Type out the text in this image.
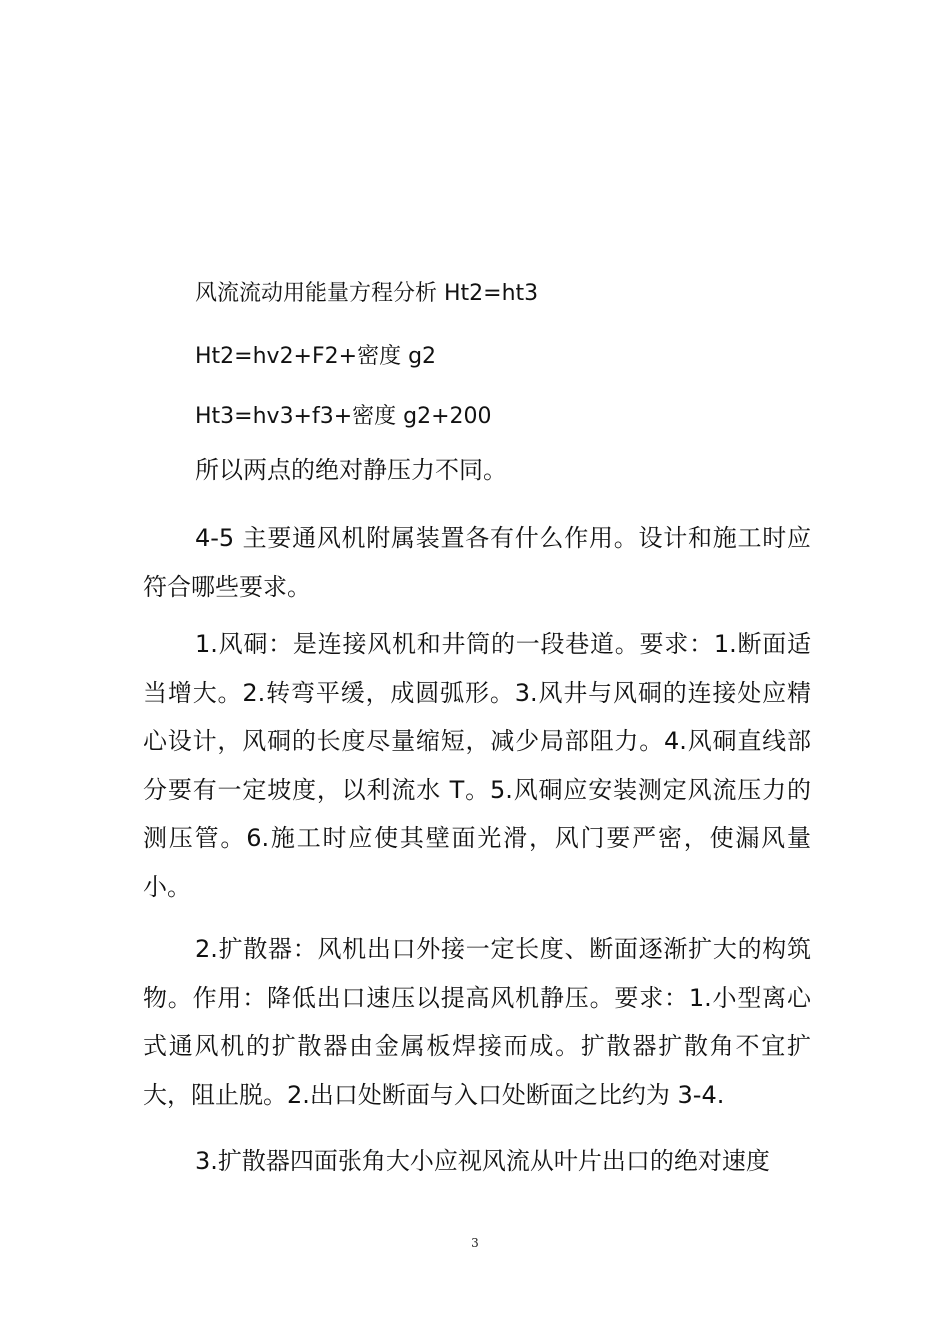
风流流动用能量方程分析 Ht2=ht3
Ht2=hv2+F2+密度 g2
Ht3=hv3+f3+密度 g2+200
所以两点的绝对静压力不同。

4-5 主要通风机附属装置各有什么作用。设计和施工时应符合哪些要求。

1.风硐：是连接风机和井筒的一段巷道。要求：1.断面适当增大。2.转弯平缓，成圆弧形。3.风井与风硐的连接处应精心设计，风硐的长度尽量缩短，减少局部阻力。4.风硐直线部分要有一定坡度，以利流水 T。5.风硐应安装测定风流压力的测压管。6.施工时应使其壁面光滑，风门要严密，使漏风量小。

2.扩散器：风机出口外接一定长度、断面逐渐扩大的构筑物。作用：降低出口速压以提高风机静压。要求：1.小型离心式通风机的扩散器由金属板焊接而成。扩散器扩散角不宜扩大，阻止脱。2.出口处断面与入口处断面之比约为 3-4.

3.扩散器四面张角大小应视风流从叶片出口的绝对速度

3
